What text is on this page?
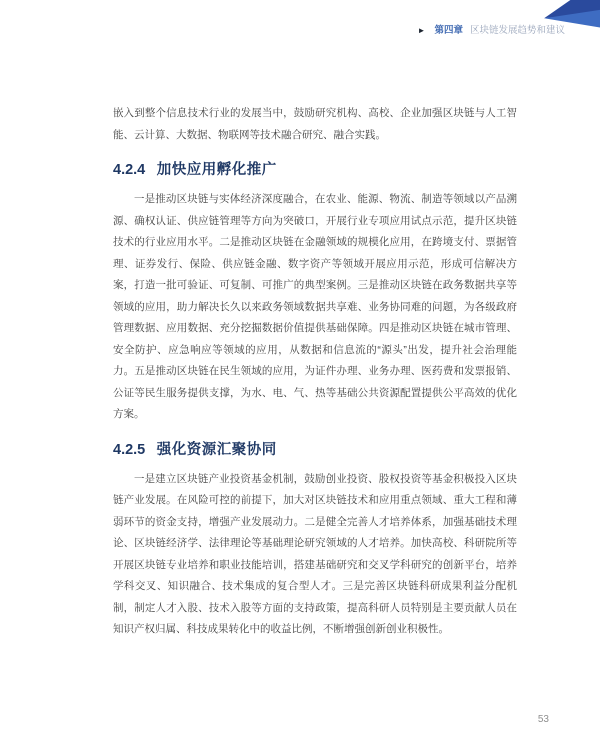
► 第四章 区块链发展趋势和建议

嵌入到整个信息技术行业的发展当中，鼓励研究机构、高校、企业加强区块链与人工智能、云计算、大数据、物联网等技术融合研究、融合实践。

4.2.4 加快应用孵化推广

一是推动区块链与实体经济深度融合，在农业、能源、物流、制造等领域以产品溯源、确权认证、供应链管理等方向为突破口，开展行业专项应用试点示范，提升区块链技术的行业应用水平。二是推动区块链在金融领域的规模化应用，在跨境支付、票据管理、证券发行、保险、供应链金融、数字资产等领域开展应用示范，形成可信解决方案，打造一批可验证、可复制、可推广的典型案例。三是推动区块链在政务数据共享等领域的应用，助力解决长久以来政务领域数据共享难、业务协同难的问题，为各级政府管理数据、应用数据、充分挖掘数据价值提供基础保障。四是推动区块链在城市管理、安全防护、应急响应等领域的应用，从数据和信息流的“源头”出发，提升社会治理能力。五是推动区块链在民生领域的应用，为证件办理、业务办理、医药费和发票报销、公证等民生服务提供支撑，为水、电、气、热等基础公共资源配置提供公平高效的优化方案。

4.2.5 强化资源汇聚协同

一是建立区块链产业投资基金机制，鼓励创业投资、股权投资等基金积极投入区块链产业发展。在风险可控的前提下，加大对区块链技术和应用重点领域、重大工程和薄弱环节的资金支持，增强产业发展动力。二是健全完善人才培养体系，加强基础技术理论、区块链经济学、法律理论等基础理论研究领域的人才培养。加快高校、科研院所等开展区块链专业培养和职业技能培训，搭建基础研究和交叉学科研究的创新平台，培养学科交叉、知识融合、技术集成的复合型人才。三是完善区块链科研成果利益分配机制，制定人才入股、技术入股等方面的支持政策，提高科研人员特别是主要贡献人员在知识产权归属、科技成果转化中的收益比例，不断增强创新创业积极性。

53
